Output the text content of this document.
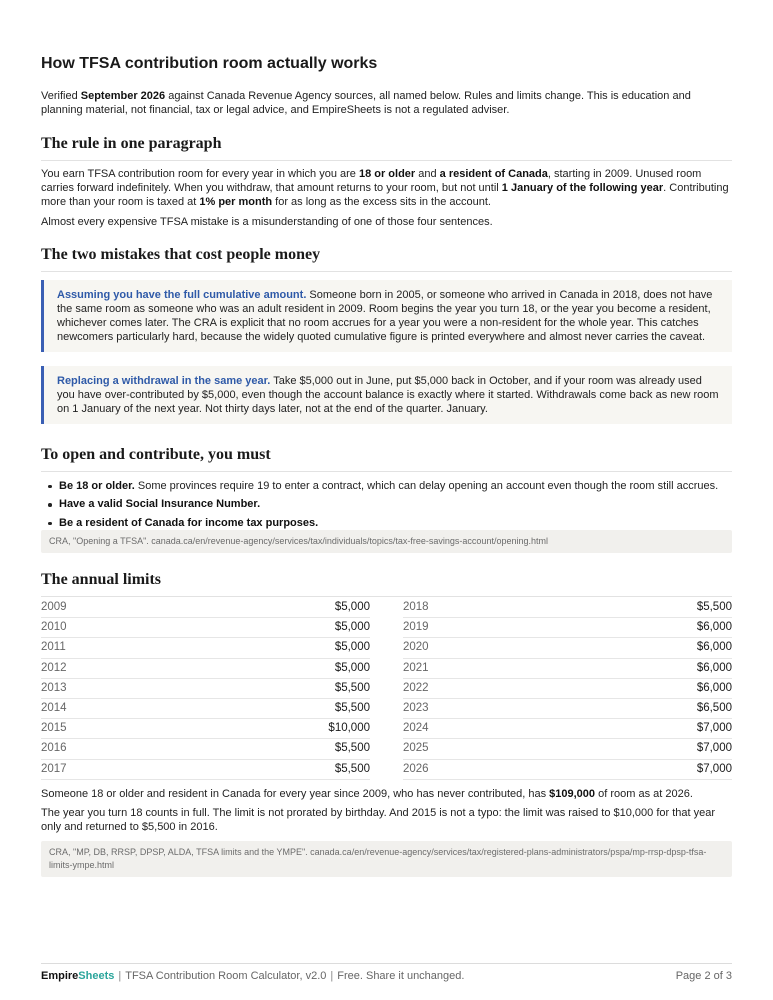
How TFSA contribution room actually works

Verified September 2026 against Canada Revenue Agency sources, all named below. Rules and limits change. This is education and planning material, not financial, tax or legal advice, and EmpireSheets is not a regulated adviser.

The rule in one paragraph

You earn TFSA contribution room for every year in which you are 18 or older and a resident of Canada, starting in 2009. Unused room carries forward indefinitely. When you withdraw, that amount returns to your room, but not until 1 January of the following year. Contributing more than your room is taxed at 1% per month for as long as the excess sits in the account.

Almost every expensive TFSA mistake is a misunderstanding of one of those four sentences.

The two mistakes that cost people money
Assuming you have the full cumulative amount. Someone born in 2005, or someone who arrived in Canada in 2018, does not have the same room as someone who was an adult resident in 2009. Room begins the year you turn 18, or the year you become a resident, whichever comes later. The CRA is explicit that no room accrues for a year you were a non-resident for the whole year. This catches newcomers particularly hard, because the widely quoted cumulative figure is printed everywhere and almost never carries the caveat.
Replacing a withdrawal in the same year. Take $5,000 out in June, put $5,000 back in October, and if your room was already used you have over-contributed by $5,000, even though the account balance is exactly where it started. Withdrawals come back as new room on 1 January of the next year. Not thirty days later, not at the end of the quarter. January.
To open and contribute, you must
Be 18 or older. Some provinces require 19 to enter a contract, which can delay opening an account even though the room still accrues.
Have a valid Social Insurance Number.
Be a resident of Canada for income tax purposes.
CRA, "Opening a TFSA". canada.ca/en/revenue-agency/services/tax/individuals/topics/tax-free-savings-account/opening.html
The annual limits
2009	$5,000
2010	$5,000
2011	$5,000
2012	$5,000
2013	$5,500
2014	$5,500
2015	$10,000
2016	$5,500
2017	$5,500
2018	$5,500
2019	$6,000
2020	$6,000
2021	$6,000
2022	$6,000
2023	$6,500
2024	$7,000
2025	$7,000
2026	$7,000

Someone 18 or older and resident in Canada for every year since 2009, who has never contributed, has $109,000 of room as at 2026.

The year you turn 18 counts in full. The limit is not prorated by birthday. And 2015 is not a typo: the limit was raised to $10,000 for that year only and returned to $5,500 in 2016.

CRA, "MP, DB, RRSP, DPSP, ALDA, TFSA limits and the YMPE". canada.ca/en/revenue-agency/services/tax/registered-plans-administrators/pspa/mp-rrsp-dpsp-tfsa-limits-ympe.html
EmpireSheets | TFSA Contribution Room Calculator, v2.0 | Free. Share it unchanged.	Page 2 of 3
